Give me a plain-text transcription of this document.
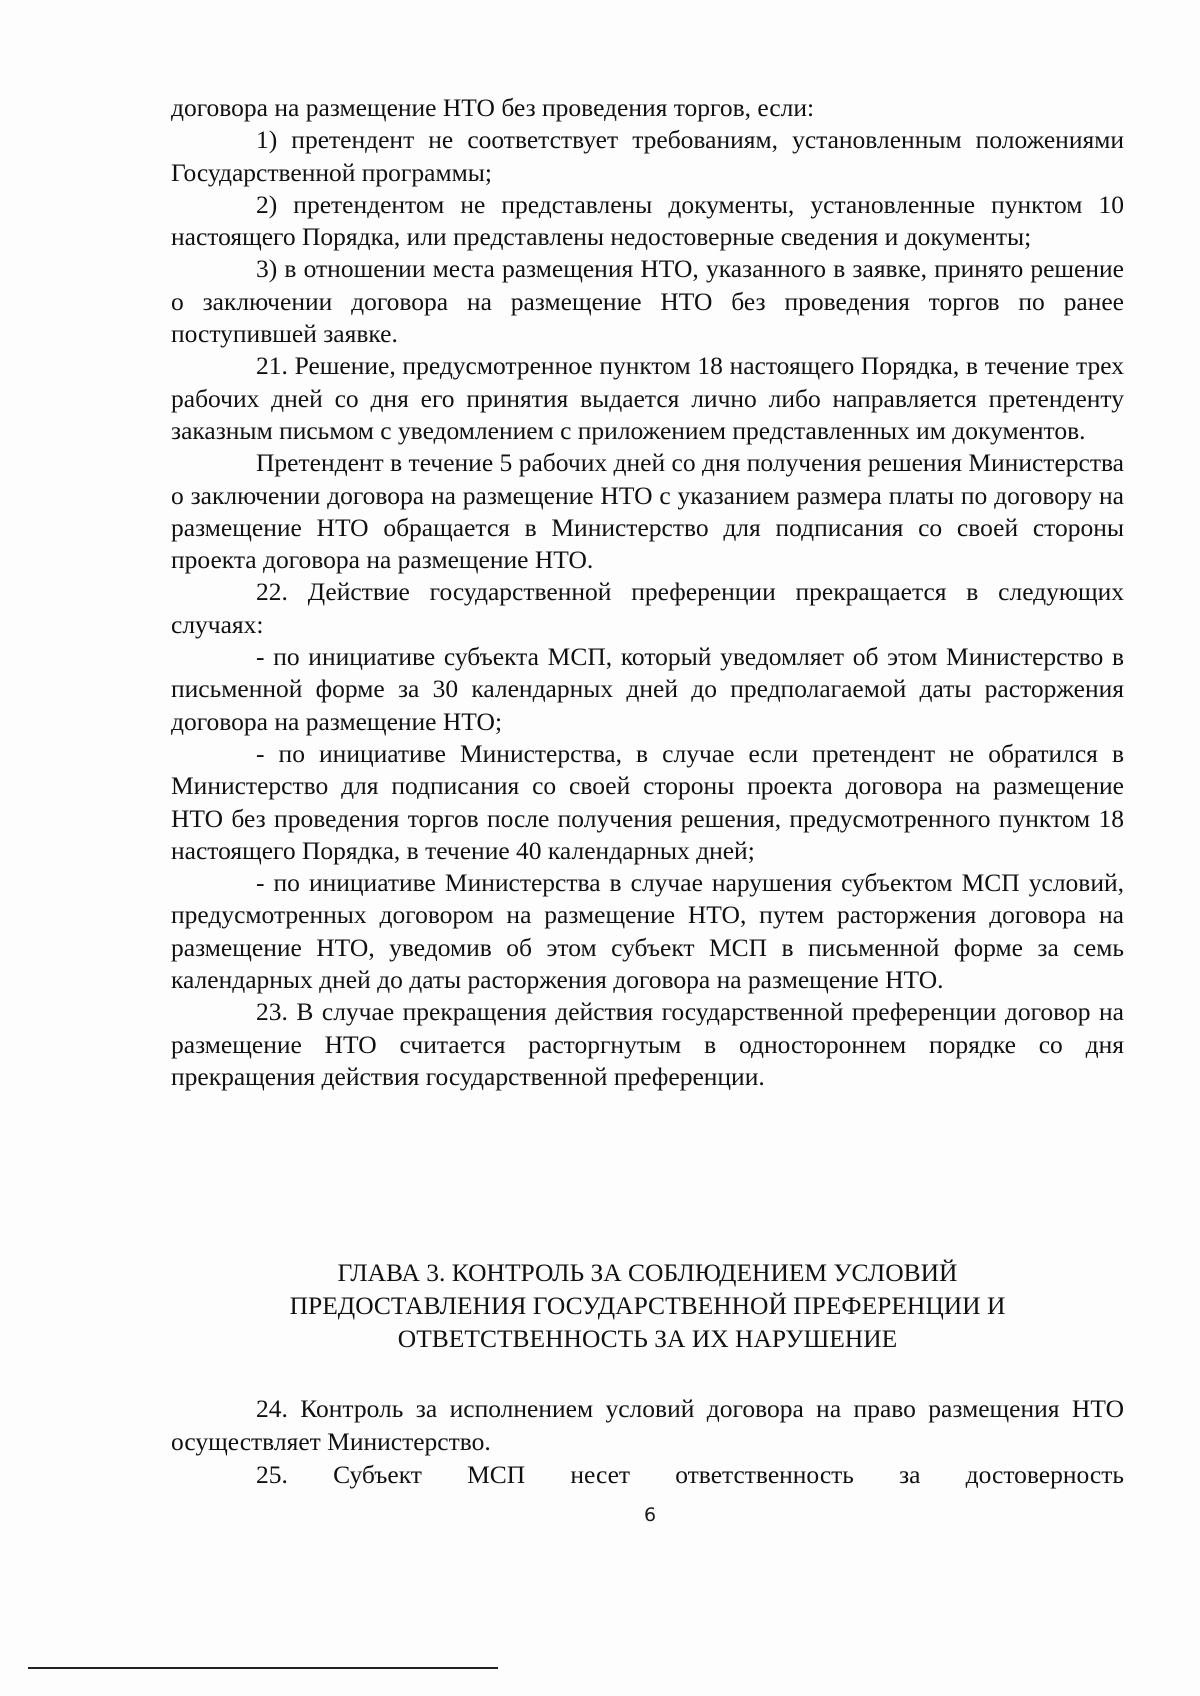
договора на размещение НТО без проведения торгов, если:

1) претендент не соответствует требованиям, установленным положениями Государственной программы;

2) претендентом не представлены документы, установленные пунктом 10 настоящего Порядка, или представлены недостоверные сведения и документы;

3) в отношении места размещения НТО, указанного в заявке, принято решение о заключении договора на размещение НТО без проведения торгов по ранее поступившей заявке.

21. Решение, предусмотренное пунктом 18 настоящего Порядка, в течение трех рабочих дней со дня его принятия выдается лично либо направляется претенденту заказным письмом с уведомлением с приложением представленных им документов.

Претендент в течение 5 рабочих дней со дня получения решения Министерства о заключении договора на размещение НТО с указанием размера платы по договору на размещение НТО обращается в Министерство для подписания со своей стороны проекта договора на размещение НТО.

22. Действие государственной преференции прекращается в следующих случаях:

- по инициативе субъекта МСП, который уведомляет об этом Министерство в письменной форме за 30 календарных дней до предполагаемой даты расторжения договора на размещение НТО;

- по инициативе Министерства, в случае если претендент не обратился в Министерство для подписания со своей стороны проекта договора на размещение НТО без проведения торгов после получения решения, предусмотренного пунктом 18 настоящего Порядка, в течение 40 календарных дней;

- по инициативе Министерства в случае нарушения субъектом МСП условий, предусмотренных договором на размещение НТО, путем расторжения договора на размещение НТО, уведомив об этом субъект МСП в письменной форме за семь календарных дней до даты расторжения договора на размещение НТО.

23. В случае прекращения действия государственной преференции договор на размещение НТО считается расторгнутым в одностороннем порядке со дня прекращения действия государственной преференции.

ГЛАВА 3. КОНТРОЛЬ ЗА СОБЛЮДЕНИЕМ УСЛОВИЙ
ПРЕДОСТАВЛЕНИЯ ГОСУДАРСТВЕННОЙ ПРЕФЕРЕНЦИИ И
ОТВЕТСТВЕННОСТЬ ЗА ИХ НАРУШЕНИЕ

24. Контроль за исполнением условий договора на право размещения НТО осуществляет Министерство.

25. Субъект МСП несет ответственность за достоверность

6
